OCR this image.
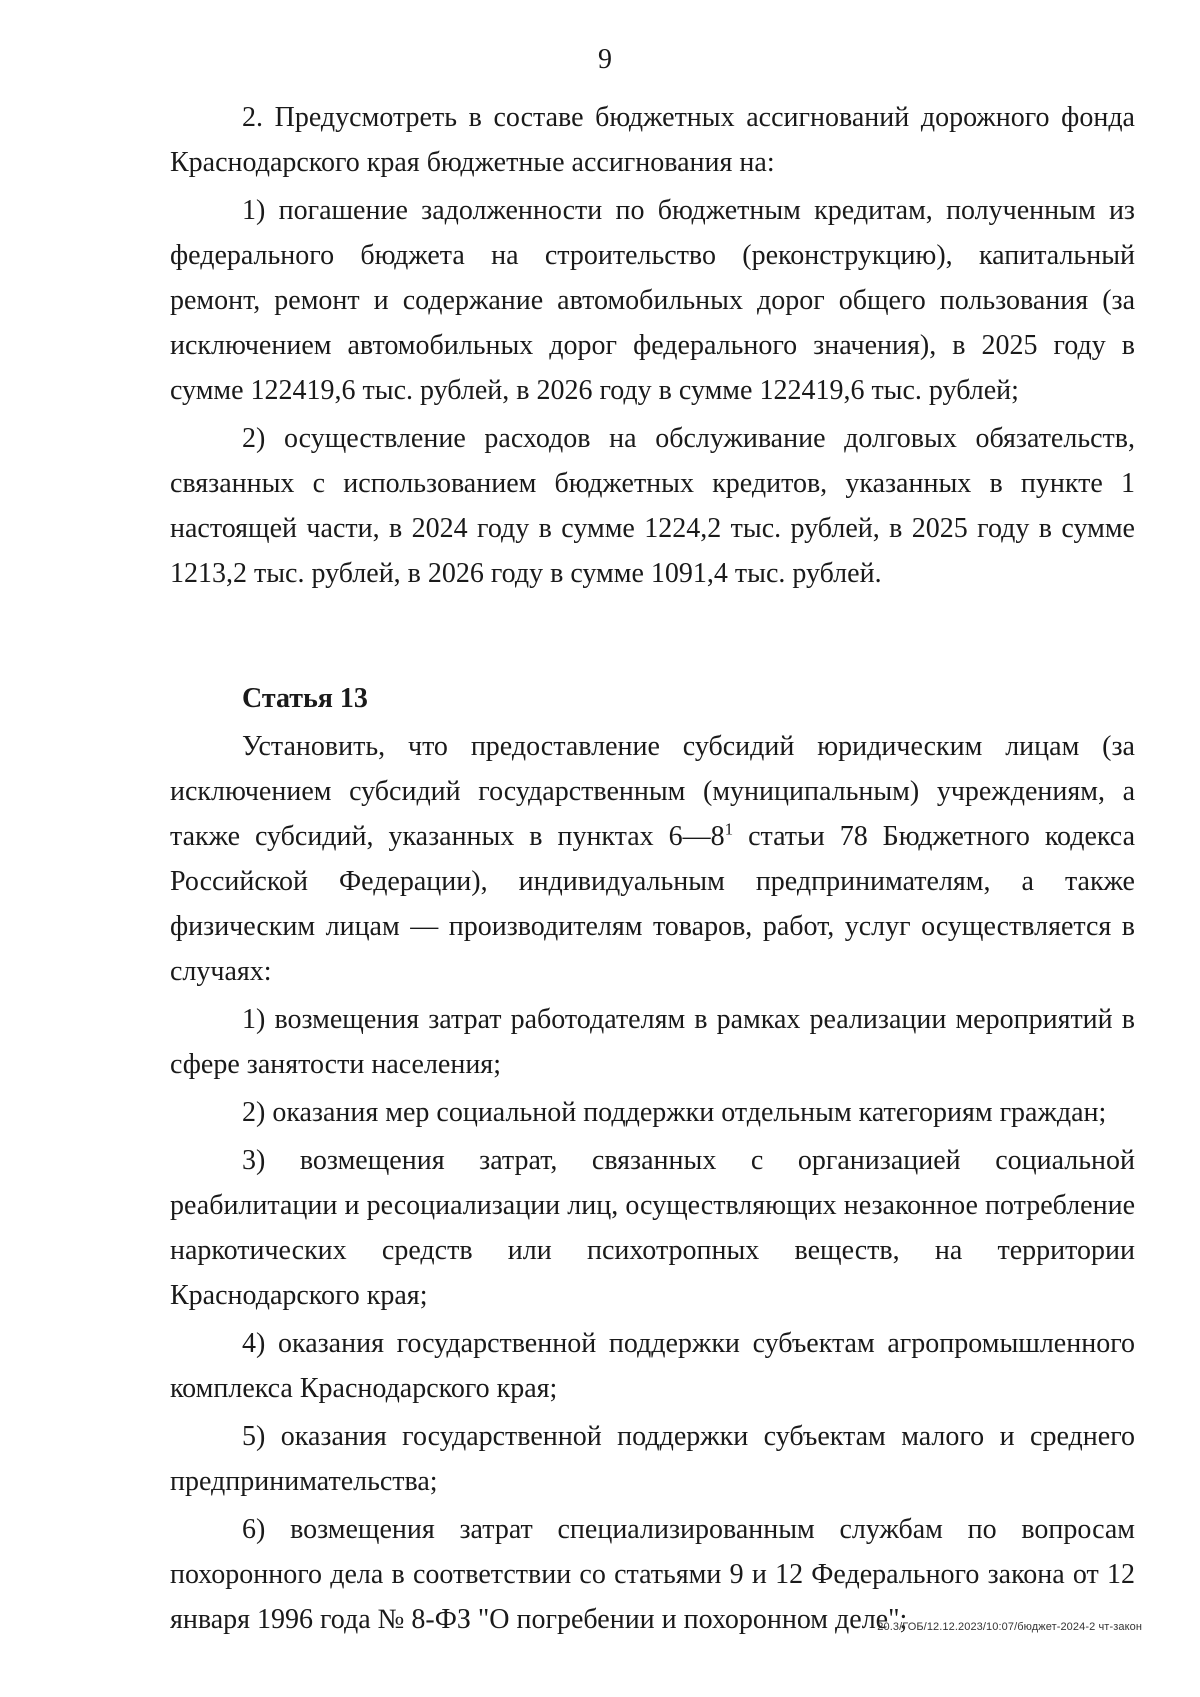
9

2. Предусмотреть в составе бюджетных ассигнований дорожного фонда Краснодарского края бюджетные ассигнования на:

1) погашение задолженности по бюджетным кредитам, полученным из федерального бюджета на строительство (реконструкцию), капитальный ремонт, ремонт и содержание автомобильных дорог общего пользования (за исключением автомобильных дорог федерального значения), в 2025 году в сумме 122419,6 тыс. рублей, в 2026 году в сумме 122419,6 тыс. рублей;

2) осуществление расходов на обслуживание долговых обязательств, связанных с использованием бюджетных кредитов, указанных в пункте 1 настоящей части, в 2024 году в сумме 1224,2 тыс. рублей, в 2025 году в сумме 1213,2 тыс. рублей, в 2026 году в сумме 1091,4 тыс. рублей.

Статья 13

Установить, что предоставление субсидий юридическим лицам (за исключением субсидий государственным (муниципальным) учреждениям, а также субсидий, указанных в пунктах $6—8^1$ статьи 78 Бюджетного кодекса Российской Федерации), индивидуальным предпринимателям, а также физическим лицам — производителям товаров, работ, услуг осуществляется в случаях:

1) возмещения затрат работодателям в рамках реализации мероприятий в сфере занятости населения;

2) оказания мер социальной поддержки отдельным категориям граждан;

3) возмещения затрат, связанных с организацией социальной реабилитации и ресоциализации лиц, осуществляющих незаконное потребление наркотических средств или психотропных веществ, на территории Краснодарского края;

4) оказания государственной поддержки субъектам агропромышленного комплекса Краснодарского края;

5) оказания государственной поддержки субъектам малого и среднего предпринимательства;

6) возмещения затрат специализированным службам по вопросам похоронного дела в соответствии со статьями 9 и 12 Федерального закона от 12 января 1996 года № 8-ФЗ "О погребении и похоронном деле";

20.3/ГОБ/12.12.2023/10:07/бюджет-2024-2 чт-закон
